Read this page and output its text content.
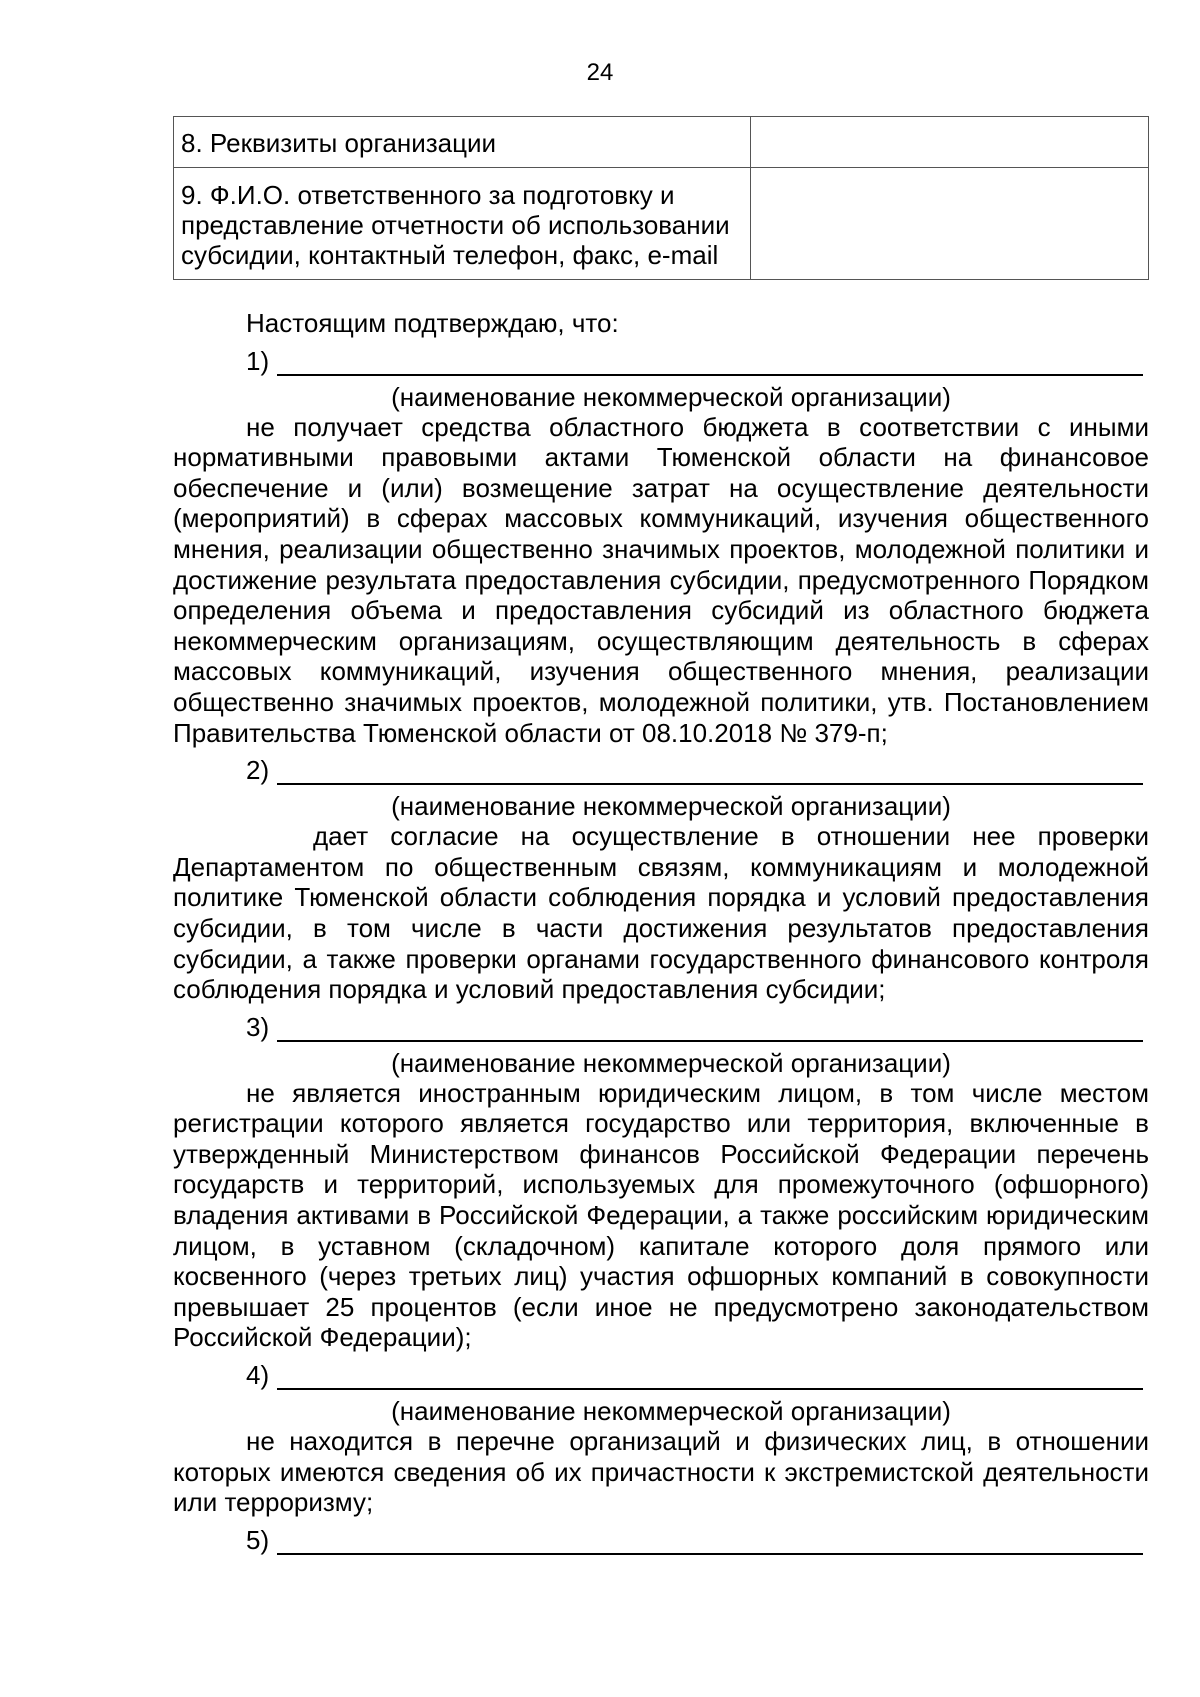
24
8. Реквизиты организации	
9. Ф.И.О. ответственного за подготовку и представление отчетности об использовании субсидии, контактный телефон, факс, e-mail	

Настоящим подтверждаю, что:

1)

(наименование некоммерческой организации)

не получает средства областного бюджета в соответствии с иными нормативными правовыми актами Тюменской области на финансовое обеспечение и (или) возмещение затрат на осуществление деятельности (мероприятий) в сферах массовых коммуникаций, изучения общественного мнения, реализации общественно значимых проектов, молодежной политики и достижение результата предоставления субсидии, предусмотренного Порядком определения объема и предоставления субсидий из областного бюджета некоммерческим организациям, осуществляющим деятельность в сферах массовых коммуникаций, изучения общественного мнения, реализации общественно значимых проектов, молодежной политики, утв. Постановлением Правительства Тюменской области от 08.10.2018 № 379-п;

2)

(наименование некоммерческой организации)

дает согласие на осуществление в отношении нее проверки Департаментом по общественным связям, коммуникациям и молодежной политике Тюменской области соблюдения порядка и условий предоставления субсидии, в том числе в части достижения результатов предоставления субсидии, а также проверки органами государственного финансового контроля соблюдения порядка и условий предоставления субсидии;

3)

(наименование некоммерческой организации)

не является иностранным юридическим лицом, в том числе местом регистрации которого является государство или территория, включенные в утвержденный Министерством финансов Российской Федерации перечень государств и территорий, используемых для промежуточного (офшорного) владения активами в Российской Федерации, а также российским юридическим лицом, в уставном (складочном) капитале которого доля прямого или косвенного (через третьих лиц) участия офшорных компаний в совокупности превышает 25 процентов (если иное не предусмотрено законодательством Российской Федерации);

4)

(наименование некоммерческой организации)

не находится в перечне организаций и физических лиц, в отношении которых имеются сведения об их причастности к экстремистской деятельности или терроризму;

5)
